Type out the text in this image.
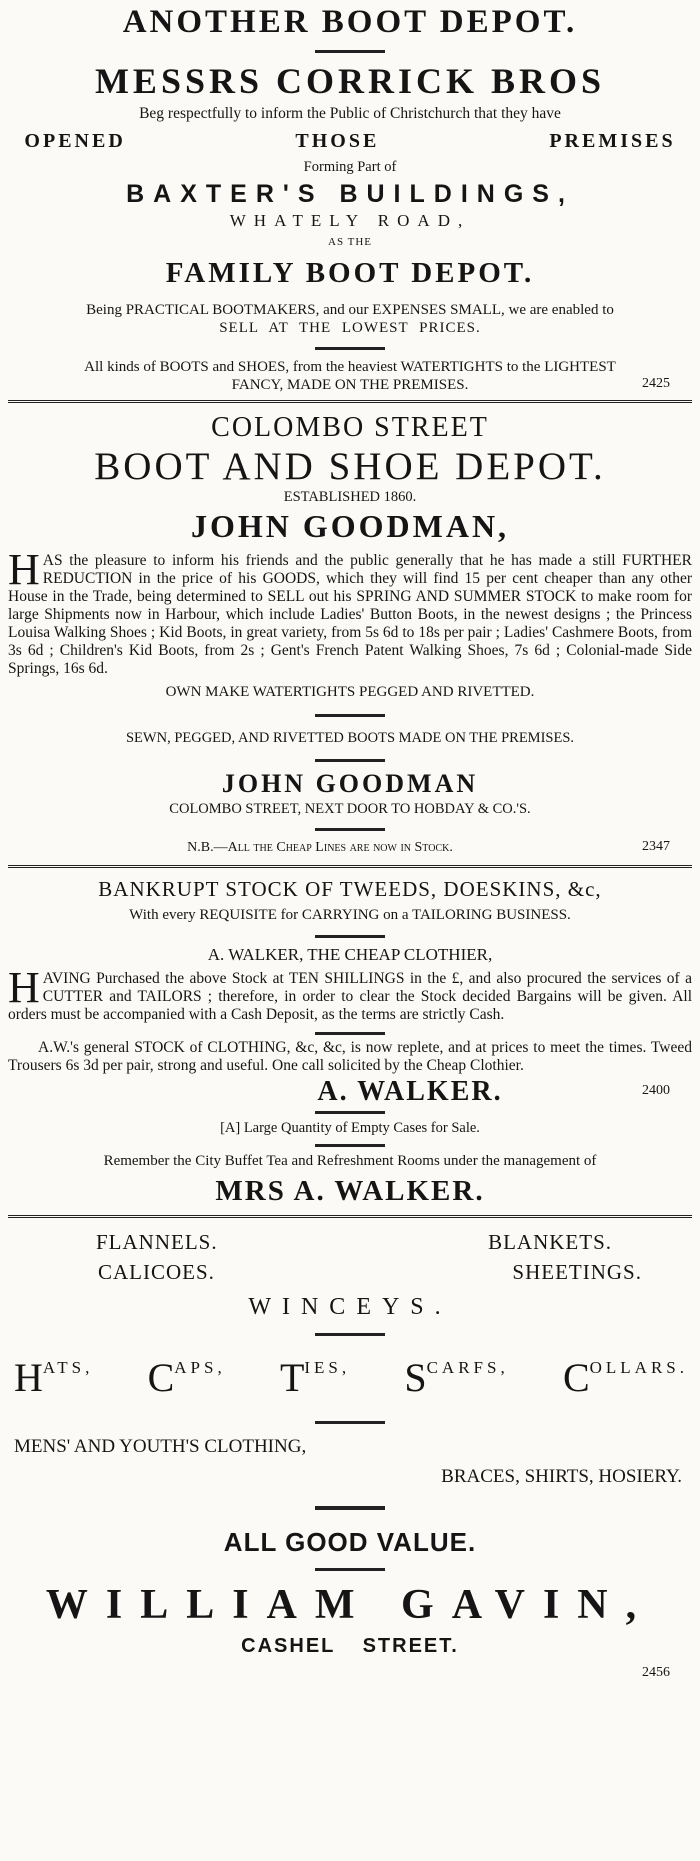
ANOTHER BOOT DEPOT.
MESSRS CORRICK BROS
Beg respectfully to inform the Public of Christchurch that they have
OPENED     THOSE     PREMISES
Forming Part of
BAXTER'S BUILDINGS,
WHATELY ROAD,
AS THE
FAMILY BOOT DEPOT.
Being PRACTICAL BOOTMAKERS, and our EXPENSES SMALL, we are enabled to
SELL AT THE LOWEST PRICES.
All kinds of BOOTS and SHOES, from the heaviest WATERTIGHTS to the LIGHTEST
FANCY, MADE ON THE PREMISES.	2425
COLOMBO STREET
BOOT AND SHOE DEPOT.
ESTABLISHED 1860.
JOHN GOODMAN,

HAS the pleasure to inform his friends and the public generally that he has made a still FURTHER REDUCTION in the price of his GOODS, which they will find 15 per cent cheaper than any other House in the Trade, being determined to SELL out his SPRING AND SUMMER STOCK to make room for large Shipments now in Harbour, which include Ladies' Button Boots, in the newest designs ; the Princess Louisa Walking Shoes ; Kid Boots, in great variety, from 5s 6d to 18s per pair ; Ladies' Cashmere Boots, from 3s 6d ; Children's Kid Boots, from 2s ; Gent's French Patent Walking Shoes, 7s 6d ; Colonial-made Side Springs, 16s 6d.

OWN MAKE WATERTIGHTS PEGGED AND RIVETTED.
SEWN, PEGGED, AND RIVETTED BOOTS MADE ON THE PREMISES.
JOHN GOODMAN
COLOMBO STREET, NEXT DOOR TO HOBDAY & CO.'S.
N.B.—All the Cheap Lines are now in Stock.	2347
BANKRUPT STOCK OF TWEEDS, DOESKINS, &c,
With every REQUISITE for CARRYING on a TAILORING BUSINESS.
A. WALKER, THE CHEAP CLOTHIER,

HAVING Purchased the above Stock at TEN SHILLINGS in the £, and also procured the services of a CUTTER and TAILORS ; therefore, in order to clear the Stock decided Bargains will be given. All orders must be accompanied with a Cash Deposit, as the terms are strictly Cash.

A.W.'s general STOCK of CLOTHING, &c, &c, is now replete, and at prices to meet the times. Tweed Trousers 6s 3d per pair, strong and useful. One call solicited by the Cheap Clothier.

A. WALKER.
[A] Large Quantity of Empty Cases for Sale.
Remember the City Buffet Tea and Refreshment Rooms under the management of
MRS A. WALKER.
2400
FLANNELS.	BLANKETS.
CALICOES.	SHEETINGS.
WINCEYS.
HATS, CAPS, TIES, SCARFS, COLLARS.
MENS' AND YOUTH'S CLOTHING,
BRACES, SHIRTS, HOSIERY.
ALL GOOD VALUE.
WILLIAM GAVIN,
CASHEL STREET.
2456
